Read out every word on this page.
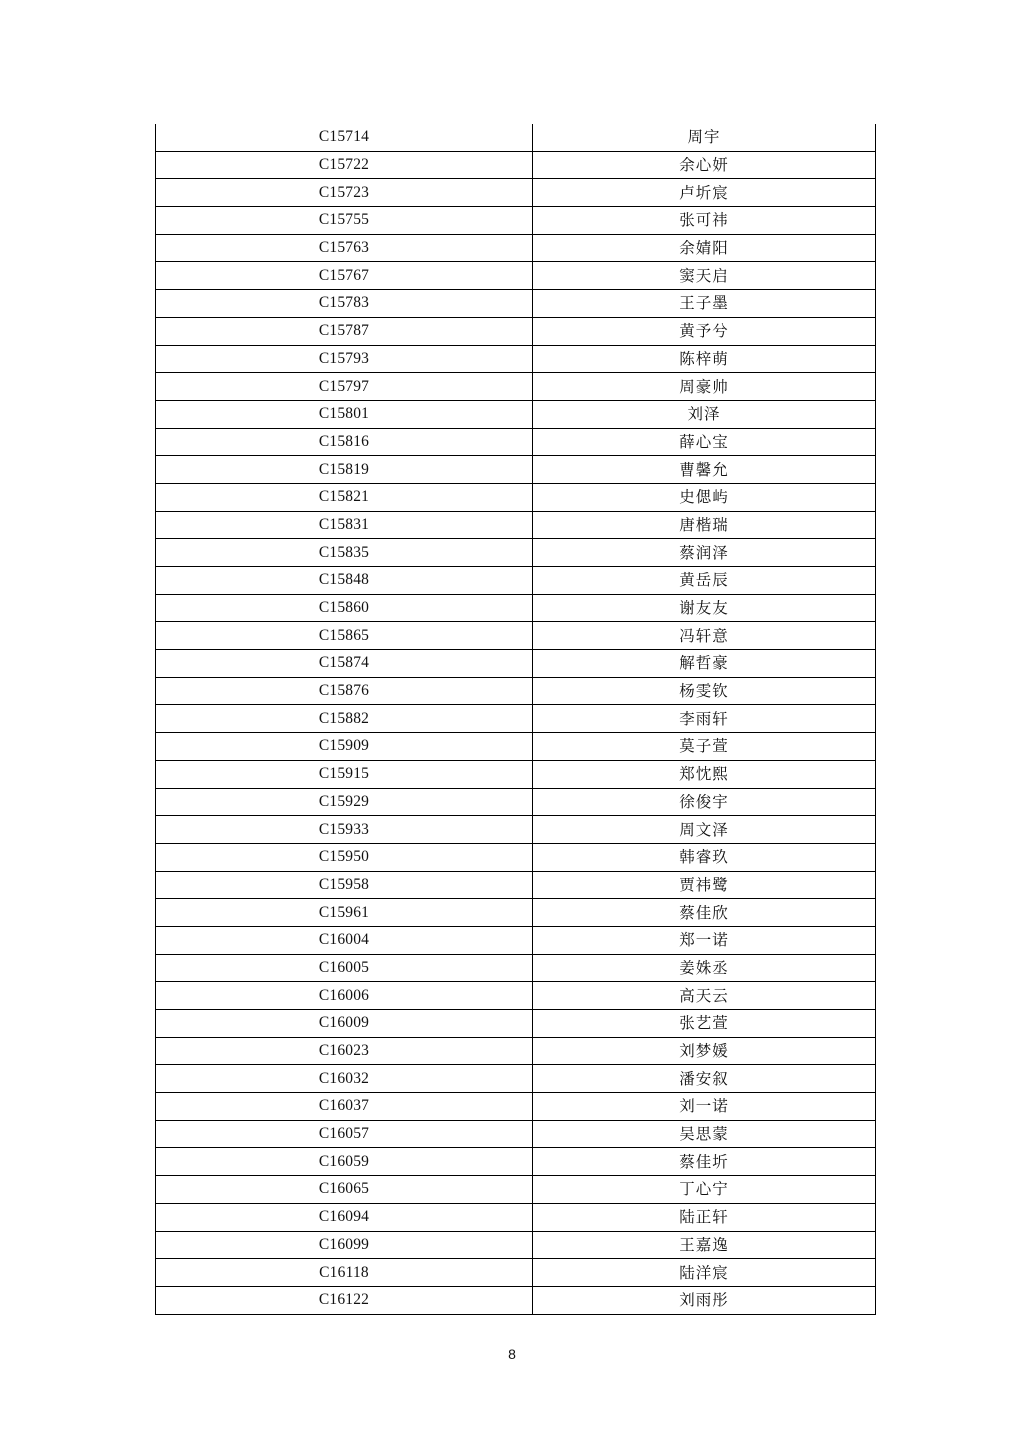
C15714	周宇
C15722	余心妍
C15723	卢圻宸
C15755	张可祎
C15763	余婧阳
C15767	窦天启
C15783	王子墨
C15787	黄予兮
C15793	陈梓萌
C15797	周豪帅
C15801	刘泽
C15816	薛心宝
C15819	曹馨允
C15821	史偲屿
C15831	唐楷瑞
C15835	蔡润泽
C15848	黄岳辰
C15860	谢友友
C15865	冯轩意
C15874	解哲豪
C15876	杨雯钦
C15882	李雨轩
C15909	莫子萱
C15915	郑忱熙
C15929	徐俊宇
C15933	周文泽
C15950	韩睿玖
C15958	贾祎鹭
C15961	蔡佳欣
C16004	郑一诺
C16005	姜姝丞
C16006	高天云
C16009	张艺萱
C16023	刘梦媛
C16032	潘安叙
C16037	刘一诺
C16057	吴思蒙
C16059	蔡佳圻
C16065	丁心宁
C16094	陆正轩
C16099	王嘉逸
C16118	陆洋宸
C16122	刘雨彤
8
